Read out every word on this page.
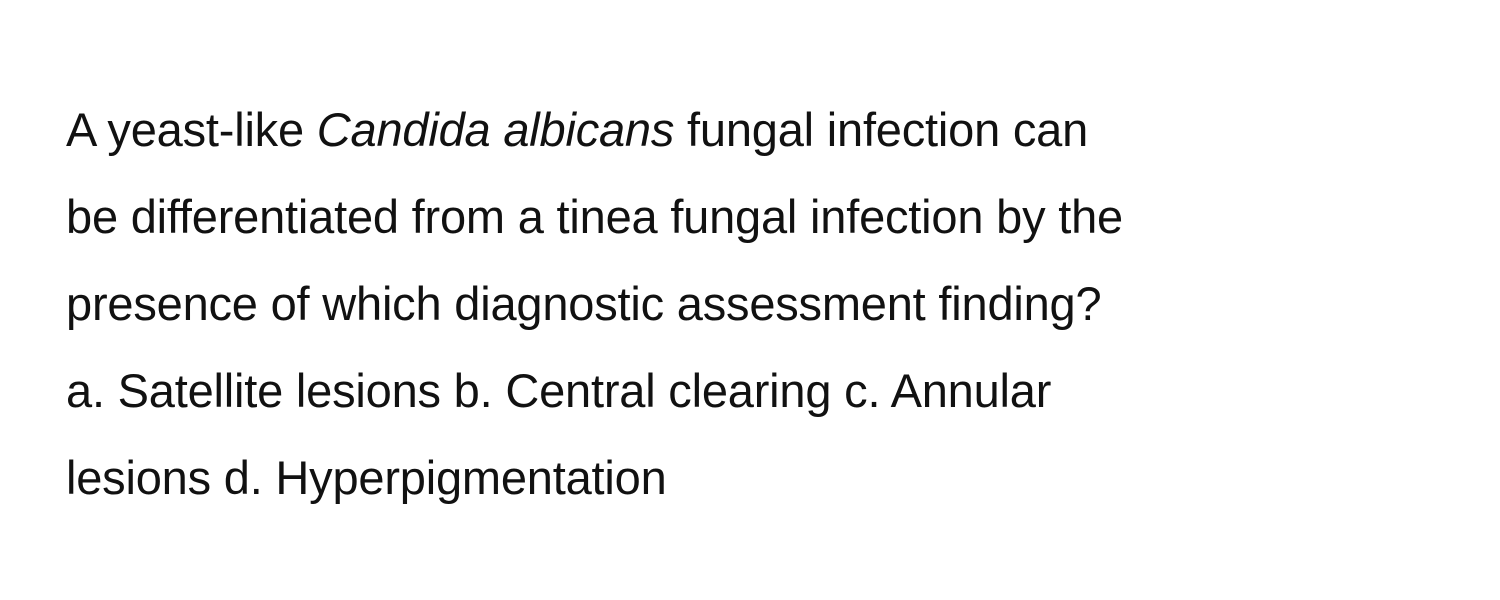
A yeast-like Candida albicans fungal infection can
be differentiated from a tinea fungal infection by the
presence of which diagnostic assessment finding?
a. Satellite lesions b. Central clearing c. Annular
lesions d. Hyperpigmentation
